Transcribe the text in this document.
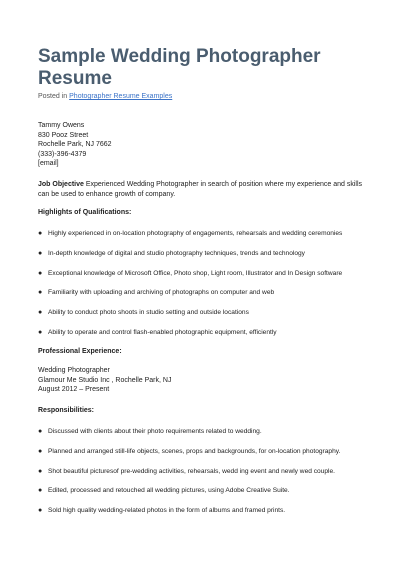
Sample Wedding Photographer Resume
Posted in Photographer Resume Examples
Tammy Owens
830 Pooz Street
Rochelle Park, NJ 7662
(333)-396-4379
[email]
Job Objective Experienced Wedding Photographer in search of position where my experience and skills can be used to enhance growth of company.
Highlights of Qualifications:
● Highly experienced in on-location photography of engagements, rehearsals and wedding ceremonies
● In-depth knowledge of digital and studio photography techniques, trends and technology
● Exceptional knowledge of Microsoft Office, Photo shop, Light room, Illustrator and In Design software
● Familiarity with uploading and archiving of photographs on computer and web
● Ability to conduct photo shoots in studio setting and outside locations
● Ability to operate and control flash-enabled photographic equipment, efficiently
Professional Experience:
Wedding Photographer
Glamour Me Studio Inc , Rochelle Park, NJ
August 2012 – Present
Responsibilities:
● Discussed with clients about their photo requirements related to wedding.
● Planned and arranged still-life objects, scenes, props and backgrounds, for on-location photography.
● Shot beautiful picturesof pre-wedding activities, rehearsals, wedd ing event and newly wed couple.
● Edited, processed and retouched all wedding pictures, using Adobe Creative Suite.
● Sold high quality wedding-related photos in the form of albums and framed prints.
